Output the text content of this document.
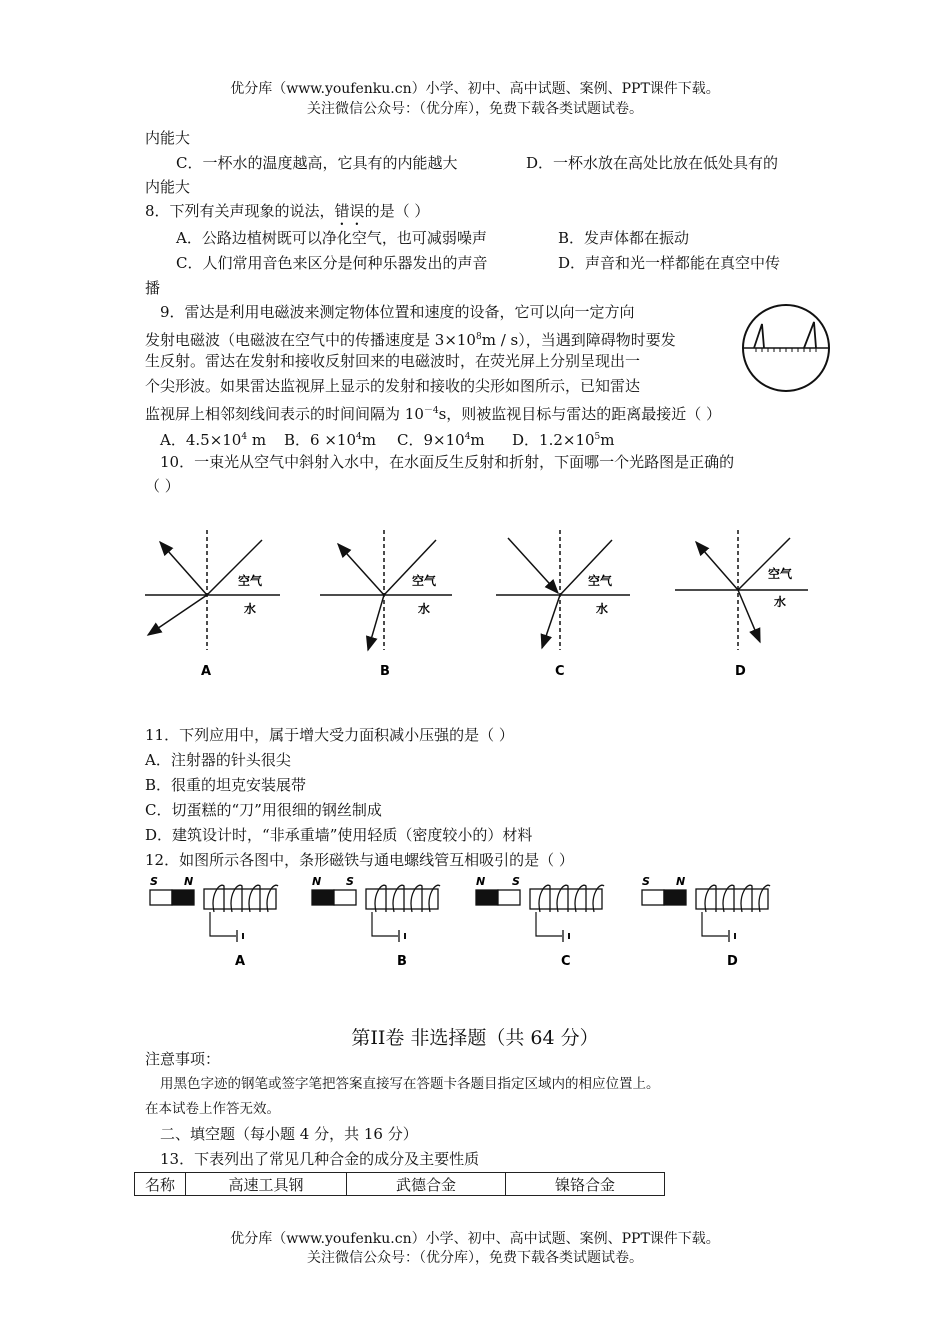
优分库（www.youfenku.cn）小学、初中、高中试题、案例、PPT课件下载。
关注微信公众号：（优分库），免费下载各类试题试卷。
内能大
C．一杯水的温度越高，它具有的内能越大	D．一杯水放在高处比放在低处具有的
内能大
8．下列有关声现象的说法，错误的是（ ）
A．公路边植树既可以净化空气，也可减弱噪声	B．发声体都在振动
C．人们常用音色来区分是何种乐器发出的声音	D．声音和光一样都能在真空中传
播
9．雷达是利用电磁波来测定物体位置和速度的设备，它可以向一定方向
发射电磁波（电磁波在空气中的传播速度是 $3\times 10^8m / s$），当遇到障碍物时要发
生反射。雷达在发射和接收反射回来的电磁波时，在荧光屏上分别呈现出一
个尖形波。如果雷达监视屏上显示的发射和接收的尖形如图所示，已知雷达
监视屏上相邻刻线间表示的时间间隔为 $10^{-4}s$，则被监视目标与雷达的距离最接近（ ）
A．$4.5\times 10^4$ m B．$6 \times 10^4m$ C．$9\times 10^4m$ D．$1.2\times 10^5m$
10．一束光从空气中斜射入水中，在水面反生反射和折射，下面哪一个光路图是正确的
（ ）
空气
水
A
空气
水
B
空气
水
C
空气
水
D
11．下列应用中，属于增大受力面积减小压强的是（ ）
A．注射器的针头很尖
B．很重的坦克安装展带
C．切蛋糕的“刀”用很细的钢丝制成
D．建筑设计时，“非承重墙”使用轻质（密度较小的）材料
12．如图所示各图中，条形磁铁与通电螺线管互相吸引的是（ ）
S N
A
N S
B
N S
C
S N
D
第II卷 非选择题（共 64 分）
注意事项：
用黑色字迹的钢笔或签字笔把答案直接写在答题卡各题目指定区域内的相应位置上。
在本试卷上作答无效。
二、填空题（每小题 4 分，共 16 分）
13．下表列出了常见几种合金的成分及主要性质
名称	高速工具钢	武德合金	镍铬合金
优分库（www.youfenku.cn）小学、初中、高中试题、案例、PPT课件下载。
关注微信公众号：（优分库），免费下载各类试题试卷。
